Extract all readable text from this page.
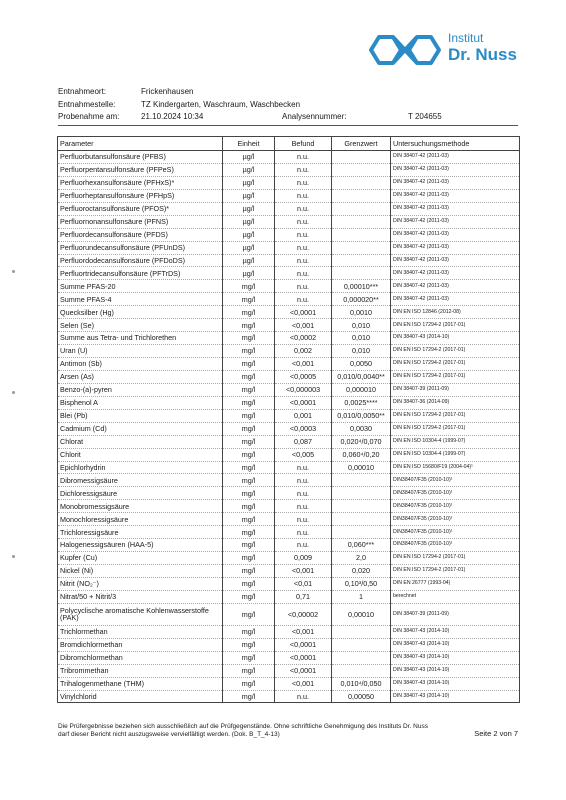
Institut
Dr. Nuss
Entnahmeort:	Frickenhausen
Entnahmestelle:	TZ Kindergarten, Waschraum, Waschbecken
Probenahme am:	21.10.2024 10:34	Analysennummer:	T 204655
Parameter	Einheit	Befund	Grenzwert	Untersuchungsmethode
Perfluorbutansulfonsäure (PFBS)	µg/l	n.u.		DIN 38407-42 (2011-03)
Perfluorpentansulfonsäure (PFPeS)	µg/l	n.u.		DIN 38407-42 (2011-03)
Perfluorhexansulfonsäure (PFHxS)*	µg/l	n.u.		DIN 38407-42 (2011-03)
Perfluorheptansulfonsäure (PFHpS)	µg/l	n.u.		DIN 38407-42 (2011-03)
Perfluoroctansulfonsäure (PFOS)*	µg/l	n.u.		DIN 38407-42 (2011-03)
Perfluornonansulfonsäure (PFNS)	µg/l	n.u.		DIN 38407-42 (2011-03)
Perfluordecansulfonsäure (PFDS)	µg/l	n.u.		DIN 38407-42 (2011-03)
Perfluorundecansulfonsäure (PFUnDS)	µg/l	n.u.		DIN 38407-42 (2011-03)
Perfluordodecansulfonsäure (PFDoDS)	µg/l	n.u.		DIN 38407-42 (2011-03)
Perfluortridecansulfonsäure (PFTrDS)	µg/l	n.u.		DIN 38407-42 (2011-03)
Summe PFAS-20	mg/l	n.u.	0,00010***	DIN 38407-42 (2011-03)
Summe PFAS-4	mg/l	n.u.	0,000020**	DIN 38407-42 (2011-03)
Quecksilber (Hg)	mg/l	<0,0001	0,0010	DIN EN ISO 12846 (2012-08)
Selen (Se)	mg/l	<0,001	0,010	DIN EN ISO 17294-2 (2017-01)
Summe aus Tetra- und Trichlorethen	mg/l	<0,0002	0,010	DIN 38407-43 (2014-10)
Uran (U)	mg/l	0,002	0,010	DIN EN ISO 17294-2 (2017-01)
Antimon (Sb)	mg/l	<0,001	0,0050	DIN EN ISO 17294-2 (2017-01)
Arsen (As)	mg/l	<0,0005	0,010/0,0040**	DIN EN ISO 17294-2 (2017-01)
Benzo-(a)-pyren	mg/l	<0,000003	0,000010	DIN 38407-39 (2011-09)
Bisphenol A	mg/l	<0,0001	0,0025****	DIN 38407-36 (2014-09)
Blei (Pb)	mg/l	0,001	0,010/0,0050**	DIN EN ISO 17294-2 (2017-01)
Cadmium (Cd)	mg/l	<0,0003	0,0030	DIN EN ISO 17294-2 (2017-01)
Chlorat	mg/l	0,087	0,020⁴/0,070	DIN EN ISO 10304-4 (1999-07)
Chlorit	mg/l	<0,005	0,060⁴/0,20	DIN EN ISO 10304-4 (1999-07)
Epichlorhydrin	mg/l	n.u.	0,00010	DIN EN ISO 15680/F19 (2004-04)¹
Dibromessigsäure	mg/l	n.u.		DIN38407/F35 (2010-10)¹
Dichloressigsäure	mg/l	n.u.		DIN38407/F35 (2010-10)¹
Monobromessigsäure	mg/l	n.u.		DIN38407/F35 (2010-10)¹
Monochloressigsäure	mg/l	n.u.		DIN38407/F35 (2010-10)¹
Trichloressigsäure	mg/l	n.u.		DIN38407/F35 (2010-10)¹
Halogenessigsäuren (HAA-5)	mg/l	n.u.	0,060***	DIN38407/F35 (2010-10)¹
Kupfer (Cu)	mg/l	0,009	2,0	DIN EN ISO 17294-2 (2017-01)
Nickel (Ni)	mg/l	<0,001	0,020	DIN EN ISO 17294-2 (2017-01)
Nitrit (NO₂⁻)	mg/l	<0,01	0,10³/0,50	DIN EN 26777 (1993-04)
Nitrat/50 + Nitrit/3	mg/l	0,71	1	berechnet
Polycyclische aromatische Kohlenwasserstoffe (PAK)	mg/l	<0,00002	0,00010	DIN 38407-39 (2011-09)
Trichlormethan	mg/l	<0,001		DIN 38407-43 (2014-10)
Bromdichlormethan	mg/l	<0,0001		DIN 38407-43 (2014-10)
Dibromchlormethan	mg/l	<0,0001		DIN 38407-43 (2014-10)
Tribrommethan	mg/l	<0,0001		DIN 38407-43 (2014-10)
Trihalogenmethane (THM)	mg/l	<0,001	0,010⁴/0,050	DIN 38407-43 (2014-10)
Vinylchlorid	mg/l	n.u.	0,00050	DIN 38407-43 (2014-10)
Die Prüfergebnisse beziehen sich ausschließlich auf die Prüfgegenstände. Ohne schriftliche Genehmigung des Instituts Dr. Nuss darf dieser Bericht nicht auszugsweise vervielfältigt werden. (Dok. B_T_4-13)	Seite 2 von 7
